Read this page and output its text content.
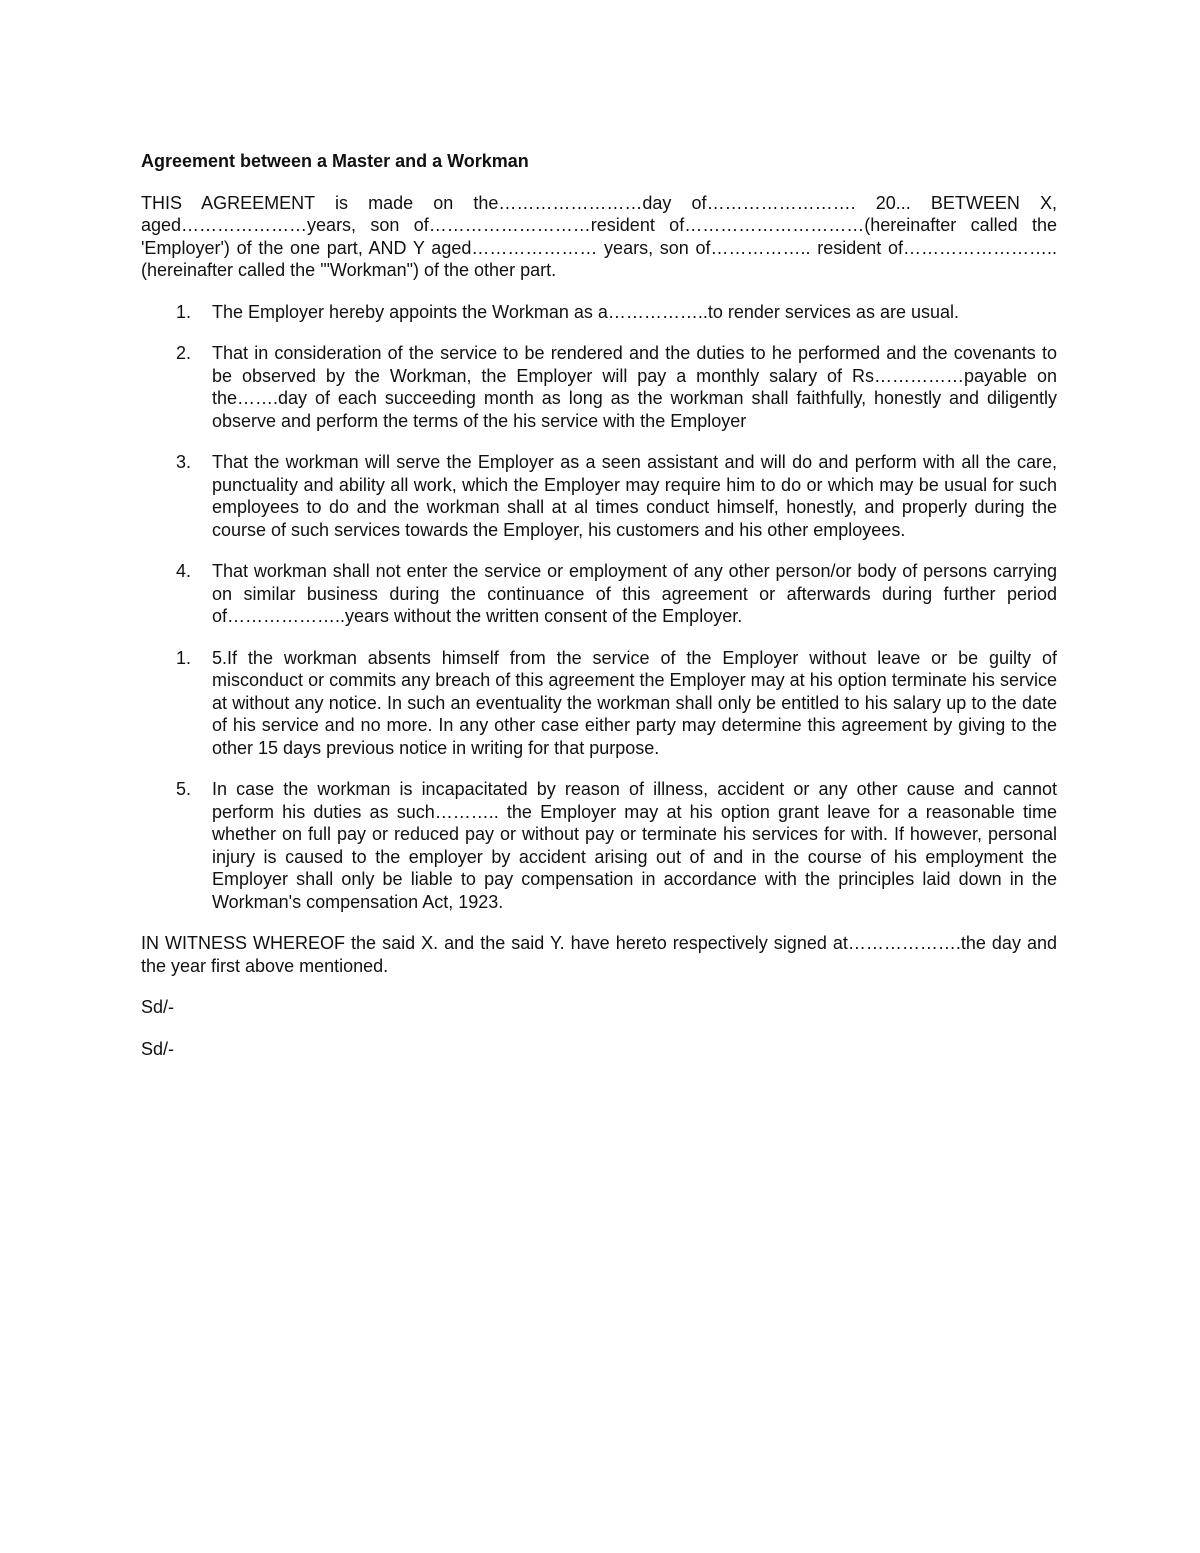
Agreement between a Master and a Workman
THIS AGREEMENT is made on the……………………day of……………………. 20... BETWEEN X, aged…………………years, son of………………………resident of…………………………(hereinafter called the 'Employer') of the one part, AND Y aged………………… years, son of…………….. resident of……………………..(hereinafter called the '"Workman") of the other part.
1. The Employer hereby appoints the Workman as a……………..to render services as are usual.
2. That in consideration of the service to be rendered and the duties to he performed and the covenants to be observed by the Workman, the Employer will pay a monthly salary of Rs……………payable on the…….day of each succeeding month as long as the workman shall faithfully, honestly and diligently observe and perform the terms of the his service with the Employer
3. That the workman will serve the Employer as a seen assistant and will do and perform with all the care, punctuality and ability all work, which the Employer may require him to do or which may be usual for such employees to do and the workman shall at al times conduct himself, honestly, and properly during the course of such services towards the Employer, his customers and his other employees.
4. That workman shall not enter the service or employment of any other person/or body of persons carrying on similar business during the continuance of this agreement or afterwards during further period of………………..years without the written consent of the Employer.
1. 5.If the workman absents himself from the service of the Employer without leave or be guilty of misconduct or commits any breach of this agreement the Employer may at his option terminate his service at without any notice. In such an eventuality the workman shall only be entitled to his salary up to the date of his service and no more. In any other case either party may determine this agreement by giving to the other 15 days previous notice in writing for that purpose.
5. In case the workman is incapacitated by reason of illness, accident or any other cause and cannot perform his duties as such……….. the Employer may at his option grant leave for a reasonable time whether on full pay or reduced pay or without pay or terminate his services for with. If however, personal injury is caused to the employer by accident arising out of and in the course of his employment the Employer shall only be liable to pay compensation in accordance with the principles laid down in the Workman's compensation Act, 1923.
IN WITNESS WHEREOF the said X. and the said Y. have hereto respectively signed at……………….the day and the year first above mentioned.
Sd/-
Sd/-
